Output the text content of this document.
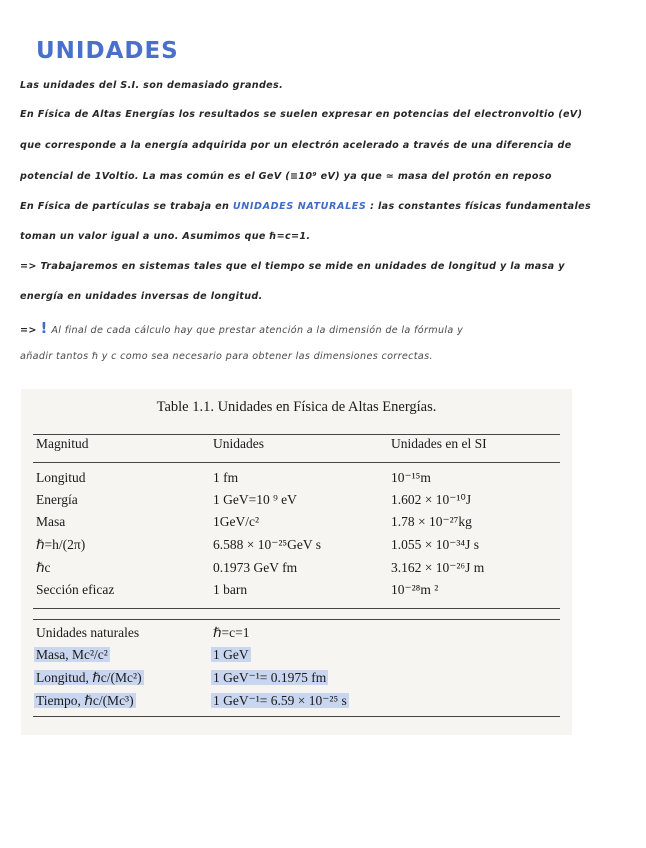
UNIDADES
Las unidades del S.I. son demasiado grandes.
En Física de Altas Energías los resultados se suelen expresar en potencias del electronvoltio (eV)
que corresponde a la energía adquirida por un electrón acelerado a través de una diferencia de
potencial de 1Voltio. La mas común es el GeV (≡10⁹ eV) ya que ≃ masa del protón en reposo
En Física de partículas se trabaja en UNIDADES NATURALES : las constantes físicas fundamentales
toman un valor igual a uno. Asumimos que ℏ=c=1.
=> Trabajaremos en sistemas tales que el tiempo se mide en unidades de longitud y la masa y
energía en unidades inversas de longitud.
=> ! Al final de cada cálculo hay que prestar atención a la dimensión de la fórmula y
añadir tantos ℏ y c como sea necesario para obtener las dimensiones correctas.
Table 1.1. Unidades en Física de Altas Energías.
Magnitud	Unidades	Unidades en el SI
Longitud	1 fm	10⁻¹⁵m
Energía	1 GeV=10 ⁹ eV	1.602 × 10⁻¹⁰J
Masa	1GeV/c²	1.78 × 10⁻²⁷kg
ℏ=h/(2π)	6.588 × 10⁻²⁵GeV s	1.055 × 10⁻³⁴J s
ℏc	0.1973 GeV fm	3.162 × 10⁻²⁶J m
Sección eficaz	1 barn	10⁻²⁸m ²
Unidades naturales	ℏ=c=1
Masa, Mc²/c²	1 GeV
Longitud, ℏc/(Mc²)	1 GeV⁻¹= 0.1975 fm
Tiempo, ℏc/(Mc³)	1 GeV⁻¹= 6.59 × 10⁻²⁵ s
